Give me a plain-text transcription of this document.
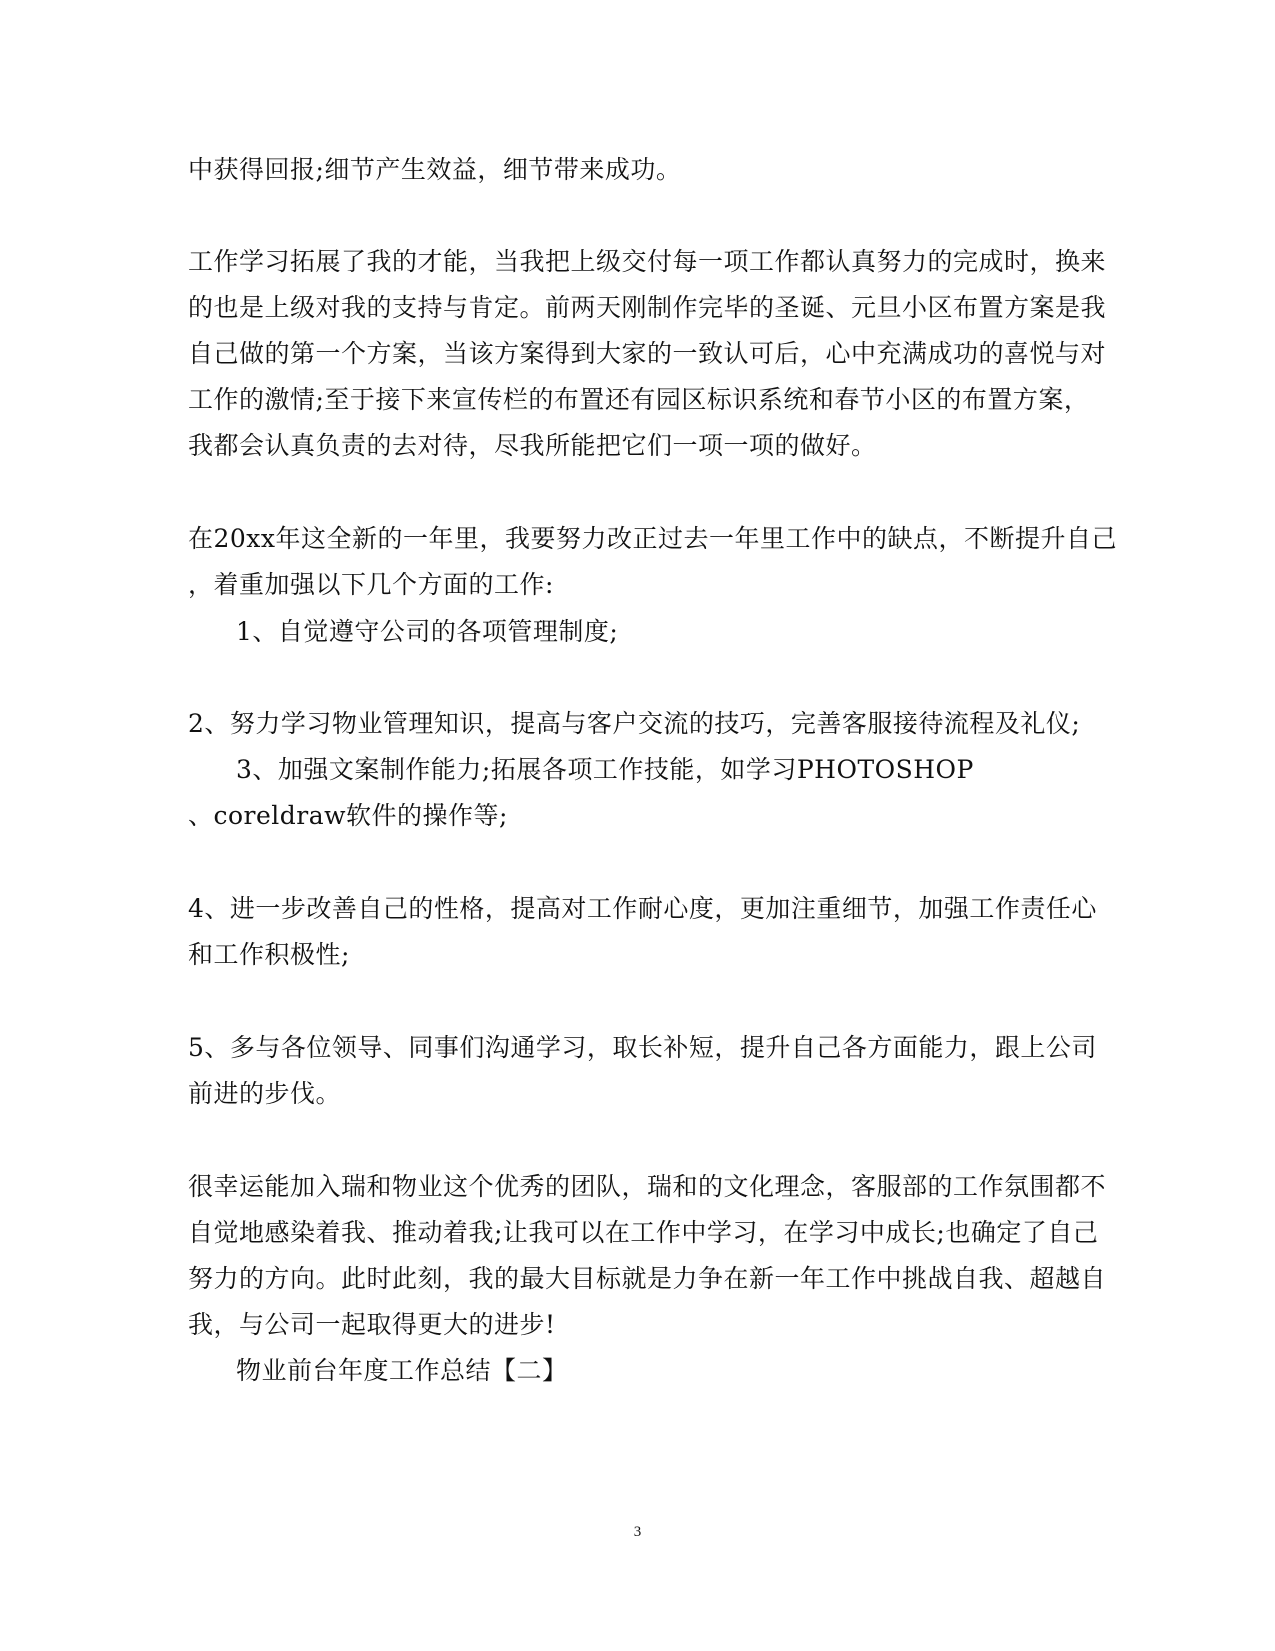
中获得回报;细节产生效益，细节带来成功。
工作学习拓展了我的才能，当我把上级交付每一项工作都认真努力的完成时，换来
的也是上级对我的支持与肯定。前两天刚制作完毕的圣诞、元旦小区布置方案是我
自己做的第一个方案，当该方案得到大家的一致认可后，心中充满成功的喜悦与对
工作的激情;至于接下来宣传栏的布置还有园区标识系统和春节小区的布置方案，
我都会认真负责的去对待，尽我所能把它们一项一项的做好。
在20xx年这全新的一年里，我要努力改正过去一年里工作中的缺点，不断提升自己
，着重加强以下几个方面的工作:
1、自觉遵守公司的各项管理制度;
2、努力学习物业管理知识，提高与客户交流的技巧，完善客服接待流程及礼仪;
3、加强文案制作能力;拓展各项工作技能，如学习PHOTOSHOP
、coreldraw软件的操作等;
4、进一步改善自己的性格，提高对工作耐心度，更加注重细节，加强工作责任心
和工作积极性;
5、多与各位领导、同事们沟通学习，取长补短，提升自己各方面能力，跟上公司
前进的步伐。
很幸运能加入瑞和物业这个优秀的团队，瑞和的文化理念，客服部的工作氛围都不
自觉地感染着我、推动着我;让我可以在工作中学习，在学习中成长;也确定了自己
努力的方向。此时此刻，我的最大目标就是力争在新一年工作中挑战自我、超越自
我，与公司一起取得更大的进步!
物业前台年度工作总结【二】
3
